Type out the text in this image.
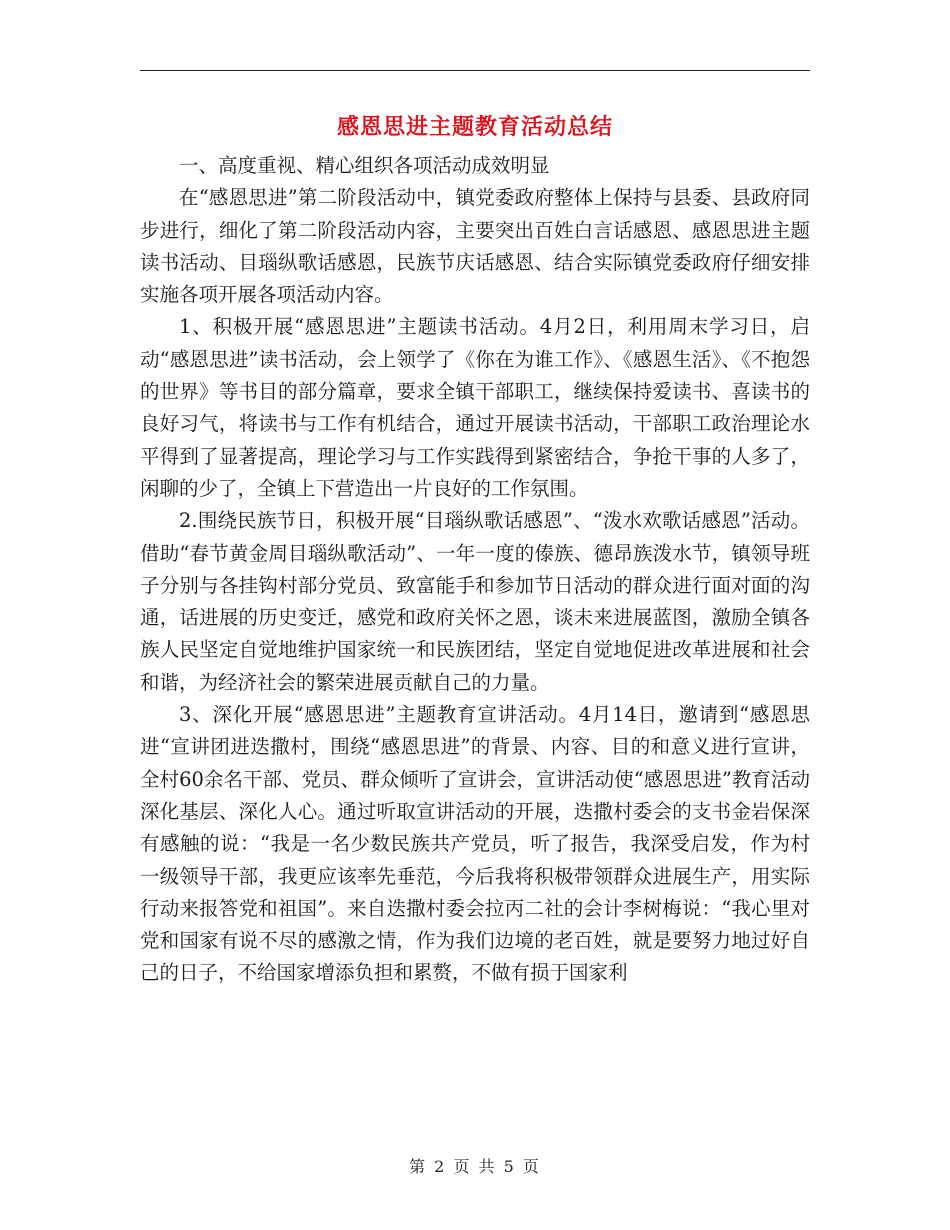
感恩思进主题教育活动总结

一、高度重视、精心组织各项活动成效明显

在“感恩思进”第二阶段活动中，镇党委政府整体上保持与县委、县政府同步进行，细化了第二阶段活动内容，主要突出百姓白言话感恩、感恩思进主题读书活动、目瑙纵歌话感恩，民族节庆话感恩、结合实际镇党委政府仔细安排实施各项开展各项活动内容。

1、积极开展“感恩思进”主题读书活动。4月2日，利用周末学习日，启动“感恩思进”读书活动，会上领学了《你在为谁工作》、《感恩生活》、《不抱怨的世界》等书目的部分篇章，要求全镇干部职工，继续保持爱读书、喜读书的良好习气，将读书与工作有机结合，通过开展读书活动，干部职工政治理论水平得到了显著提高，理论学习与工作实践得到紧密结合，争抢干事的人多了，闲聊的少了，全镇上下营造出一片良好的工作氛围。

2.围绕民族节日，积极开展“目瑙纵歌话感恩”、“泼水欢歌话感恩”活动。借助“春节黄金周目瑙纵歌活动”、一年一度的傣族、德昂族泼水节，镇领导班子分别与各挂钩村部分党员、致富能手和参加节日活动的群众进行面对面的沟通，话进展的历史变迁，感党和政府关怀之恩，谈未来进展蓝图，激励全镇各族人民坚定自觉地维护国家统一和民族团结，坚定自觉地促进改革进展和社会和谐，为经济社会的繁荣进展贡献自己的力量。

3、深化开展“感恩思进”主题教育宣讲活动。4月14日，邀请到“感恩思进“宣讲团进迭撒村，围绕“感恩思进”的背景、内容、目的和意义进行宣讲，全村60余名干部、党员、群众倾听了宣讲会，宣讲活动使“感恩思进”教育活动深化基层、深化人心。通过听取宣讲活动的开展，迭撒村委会的支书金岩保深有感触的说：“我是一名少数民族共产党员，听了报告，我深受启发，作为村一级领导干部，我更应该率先垂范，今后我将积极带领群众进展生产，用实际行动来报答党和祖国”。来自迭撒村委会拉丙二社的会计李树梅说：“我心里对党和国家有说不尽的感激之情，作为我们边境的老百姓，就是要努力地过好自己的日子，不给国家增添负担和累赘，不做有损于国家利

第 2 页 共 5 页
